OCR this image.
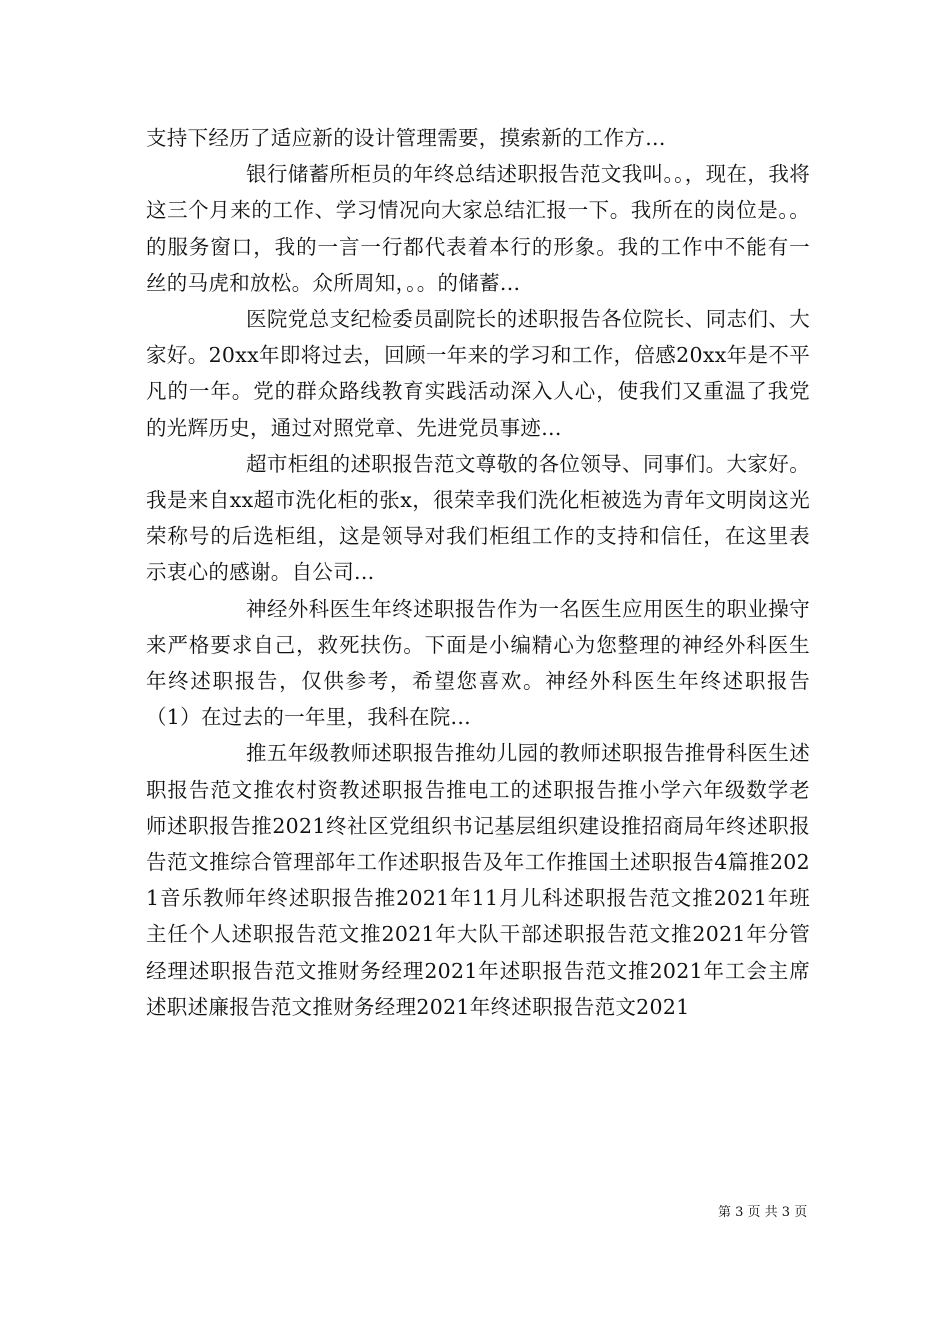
支持下经历了适应新的设计管理需要，摸索新的工作方...

银行储蓄所柜员的年终总结述职报告范文我叫。。，现在，我将这三个月来的工作、学习情况向大家总结汇报一下。我所在的岗位是。。的服务窗口，我的一言一行都代表着本行的形象。我的工作中不能有一丝的马虎和放松。众所周知，。。的储蓄...

医院党总支纪检委员副院长的述职报告各位院长、同志们、大家好。20xx年即将过去，回顾一年来的学习和工作，倍感20xx年是不平凡的一年。党的群众路线教育实践活动深入人心，使我们又重温了我党的光辉历史，通过对照党章、先进党员事迹...

超市柜组的述职报告范文尊敬的各位领导、同事们。大家好。我是来自xx超市洗化柜的张x，很荣幸我们洗化柜被选为青年文明岗这光荣称号的后选柜组，这是领导对我们柜组工作的支持和信任，在这里表示衷心的感谢。自公司...

神经外科医生年终述职报告作为一名医生应用医生的职业操守来严格要求自己，救死扶伤。下面是小编精心为您整理的神经外科医生年终述职报告，仅供参考，希望您喜欢。神经外科医生年终述职报告（1）在过去的一年里，我科在院...

推五年级教师述职报告推幼儿园的教师述职报告推骨科医生述职报告范文推农村资教述职报告推电工的述职报告推小学六年级数学老师述职报告推2021终社区党组织书记基层组织建设推招商局年终述职报告范文推综合管理部年工作述职报告及年工作推国土述职报告4篇推2021音乐教师年终述职报告推2021年11月儿科述职报告范文推2021年班主任个人述职报告范文推2021年大队干部述职报告范文推2021年分管经理述职报告范文推财务经理2021年述职报告范文推2021年工会主席述职述廉报告范文推财务经理2021年终述职报告范文2021

第 3 页 共 3 页
